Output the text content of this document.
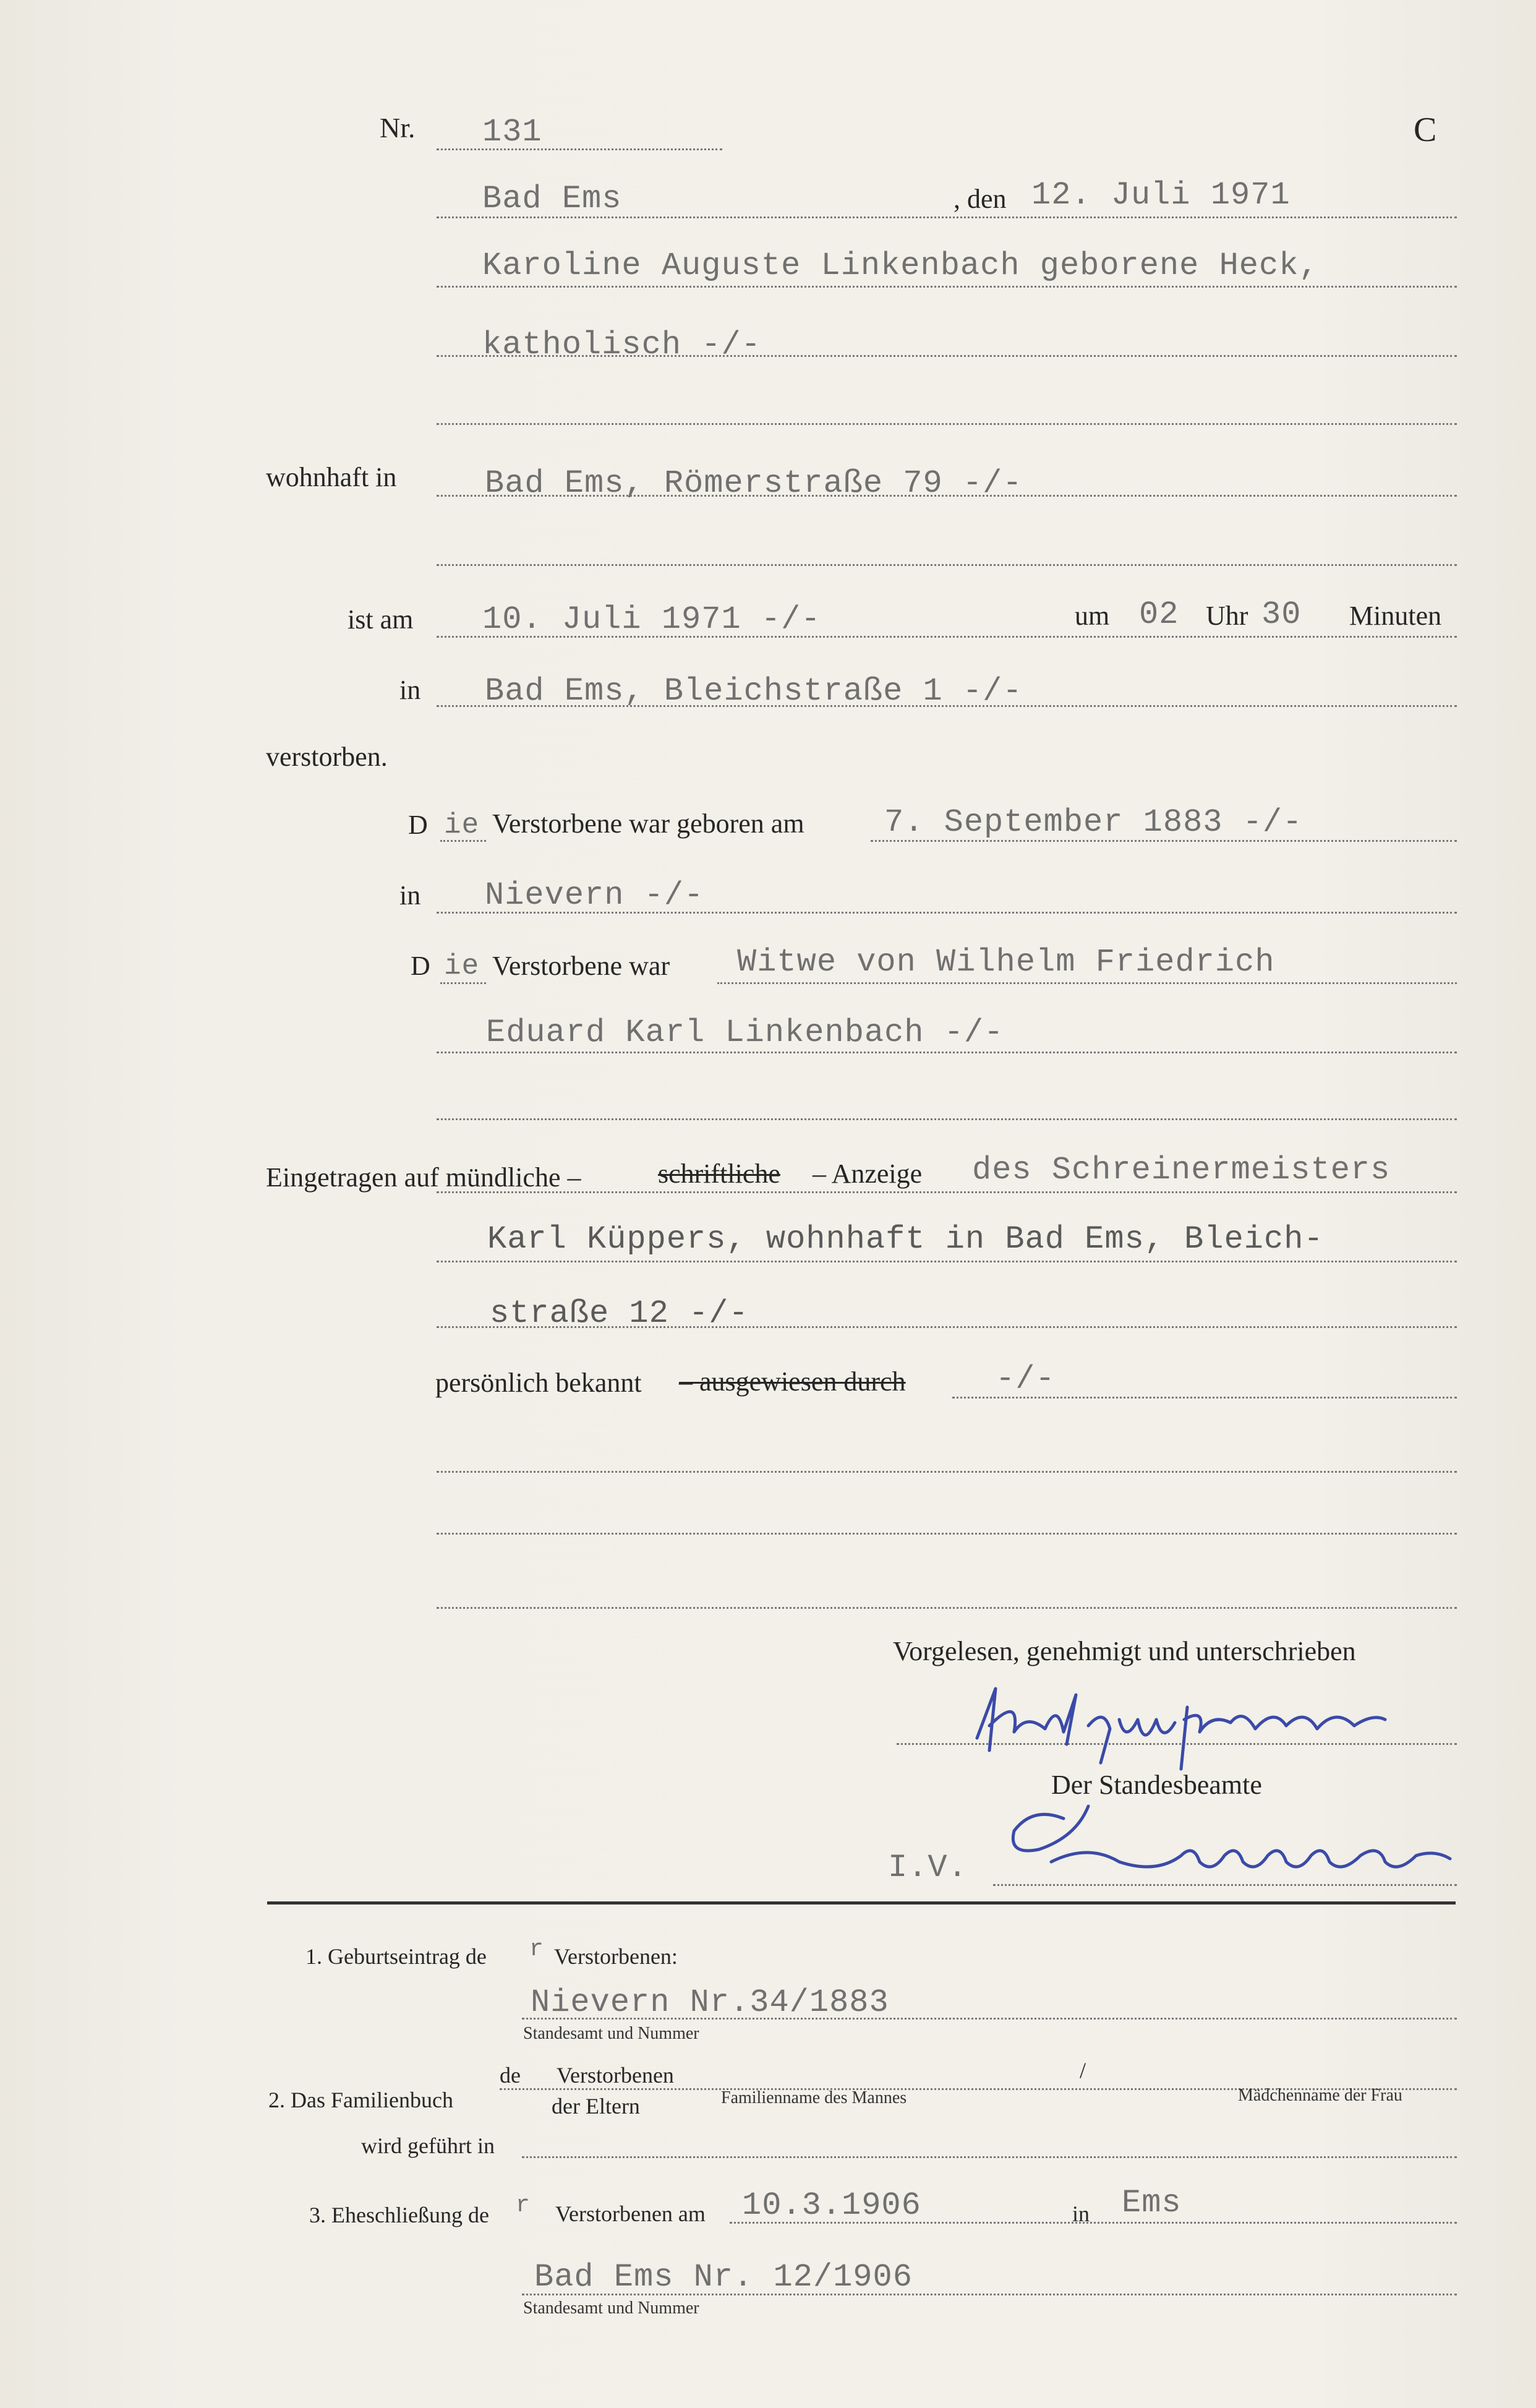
Nr. 131	C
Bad Ems	, den 12. Juli 1971
Karoline Auguste Linkenbach geborene Heck,
katholisch -/-
wohnhaft in	Bad Ems, Römerstraße 79 -/-
ist am 10. Juli 1971 -/-	um 02 Uhr 30 Minuten
in Bad Ems, Bleichstraße 1 -/-
verstorben.
D ie Verstorbene war geboren am 7. September 1883 -/-
in Nievern -/-
D ie Verstorbene war Witwe von Wilhelm Friedrich
Eduard Karl Linkenbach -/-
Eingetragen auf mündliche –	schriftliche – Anzeige des Schreinermeisters
Karl Küppers, wohnhaft in Bad Ems, Bleich-
straße 12 -/-
persönlich bekannt – ausgewiesen durch	-/-
Vorgelesen, genehmigt und unterschrieben
Der Standesbeamte
I.V.
1. Geburtseintrag de r Verstorbenen:
Nievern Nr.34/1883
Standesamt und Nummer
2. Das Familienbuch
de Verstorbenen	/
der Eltern	Familienname des Mannes	Mädchenname der Frau
wird geführt in
3. Eheschließung de r Verstorbenen am 10.3.1906	in Ems
Bad Ems Nr. 12/1906
Standesamt und Nummer
